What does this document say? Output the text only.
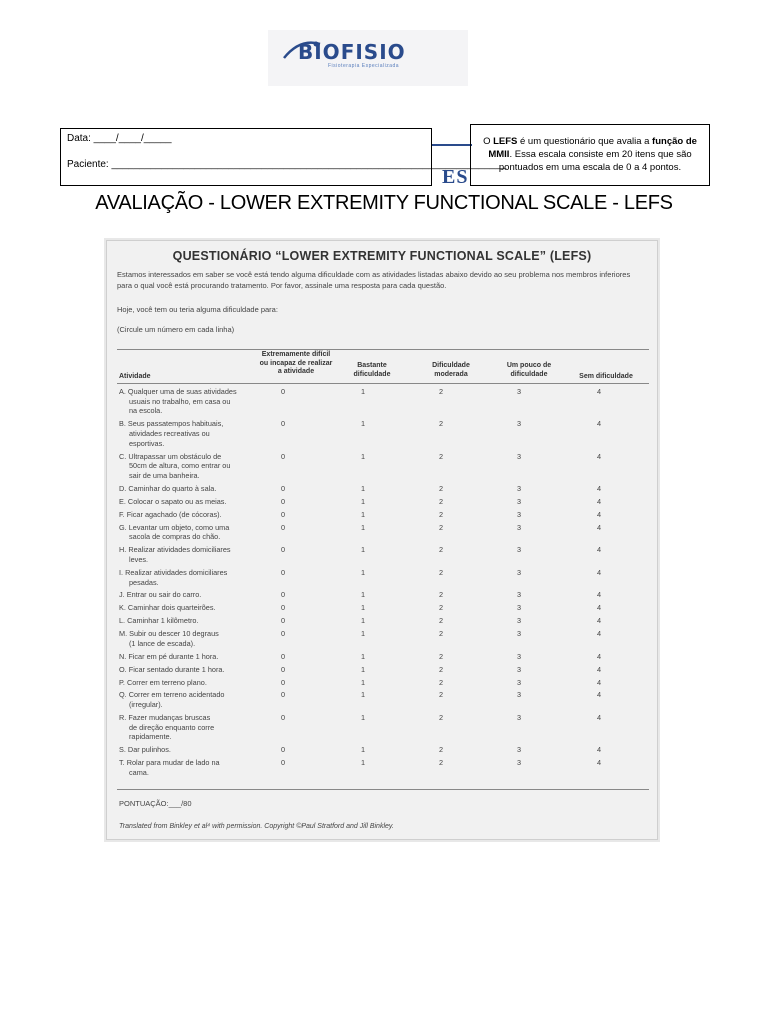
BIOFISIO
Fisioterapia Especializada
Data: ____/____/_____
Paciente: _______________________________________________________________________
ES
O LEFS é um questionário que avalia a função de MMII. Essa escala consiste em 20 itens que são pontuados em uma escala de 0 a 4 pontos.
AVALIAÇÃO - LOWER EXTREMITY FUNCTIONAL SCALE - LEFS
QUESTIONÁRIO “LOWER EXTREMITY FUNCTIONAL SCALE” (LEFS)
Estamos interessados em saber se você está tendo alguma dificuldade com as atividades listadas abaixo devido ao seu problema nos membros inferiores para o qual você está procurando tratamento. Por favor, assinale uma resposta para cada questão.
Hoje, você tem ou teria alguma dificuldade para:
(Circule um número em cada linha)
Atividade
Extremamente difícil ou incapaz de realizar a atividade
Bastante dificuldade
Dificuldade moderada
Um pouco de dificuldade	Sem dificuldade
A. Qualquer uma de suas atividades
usuais no trabalho, em casa ou
na escola.
0	1	2	3	4
B. Seus passatempos habituais,
atividades recreativas ou
esportivas.
0	1	2	3	4
C. Ultrapassar um obstáculo de
50cm de altura, como entrar ou
sair de uma banheira.
0	1	2	3	4
D. Caminhar do quarto à sala.	0	1	2	3	4
E. Colocar o sapato ou as meias.	0	1	2	3	4
F. Ficar agachado (de cócoras).	0	1	2	3	4
G. Levantar um objeto, como uma
sacola de compras do chão.
0	1	2	3	4
H. Realizar atividades domiciliares
leves.
0	1	2	3	4
I. Realizar atividades domiciliares
pesadas.
0	1	2	3	4
J. Entrar ou sair do carro.	0	1	2	3	4
K. Caminhar dois quarteirões.	0	1	2	3	4
L. Caminhar 1 kilômetro.	0	1	2	3	4
M. Subir ou descer 10 degraus
(1 lance de escada).
0	1	2	3	4
N. Ficar em pé durante 1 hora.	0	1	2	3	4
O. Ficar sentado durante 1 hora.	0	1	2	3	4
P. Correr em terreno plano.	0	1	2	3	4
Q. Correr em terreno acidentado
(irregular).
0	1	2	3	4
R. Fazer mudanças bruscas
de direção enquanto corre
rapidamente.
0	1	2	3	4
S. Dar pulinhos.	0	1	2	3	4
T. Rolar para mudar de lado na
cama.
0	1	2	3	4
PONTUAÇÃO:___/80
Translated from Binkley et al⁴ with permission. Copyright ©Paul Stratford and Jill Binkley.
